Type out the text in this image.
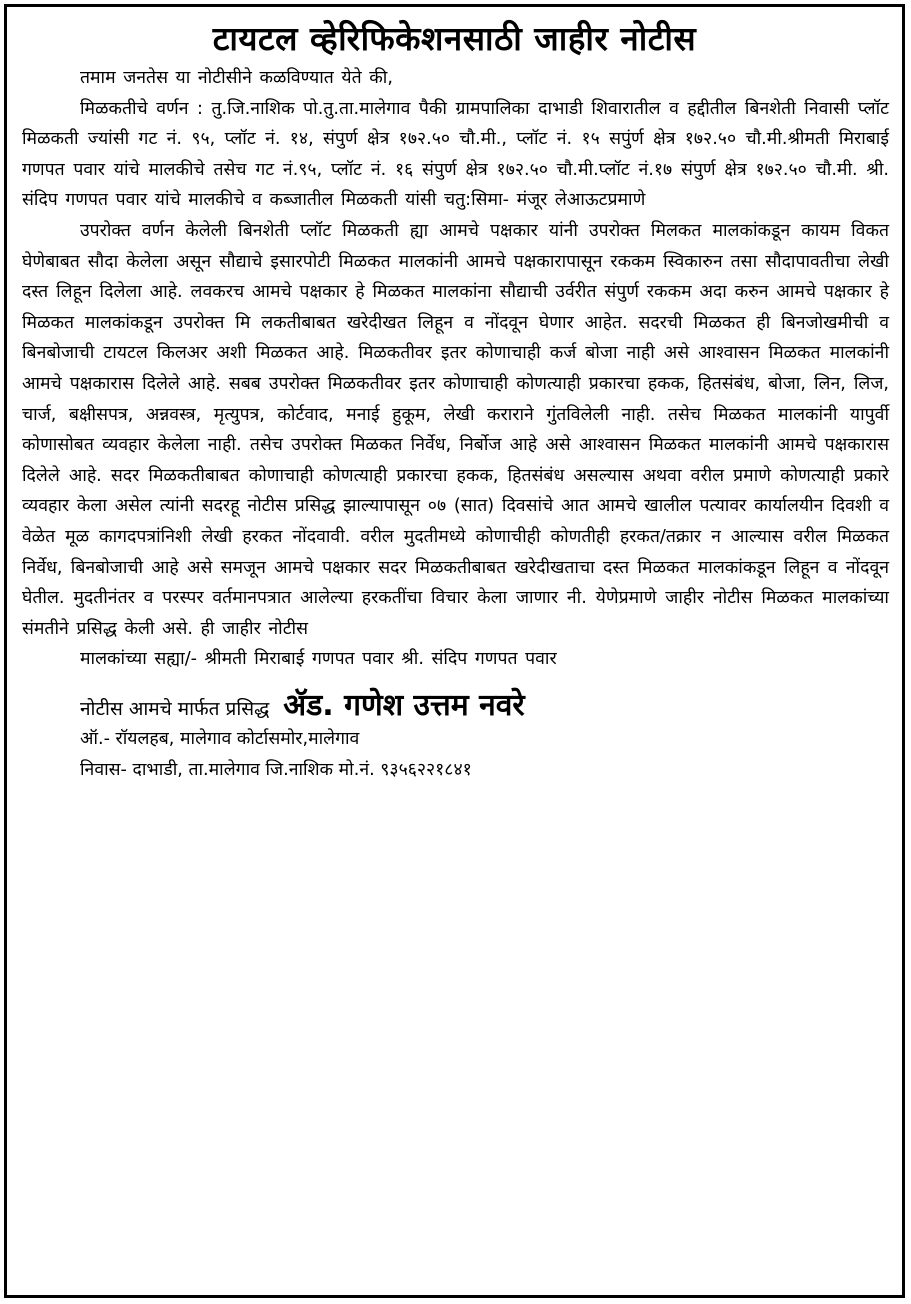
टायटल व्हेरिफिकेशनसाठी जाहीर नोटीस

तमाम जनतेस या नोटीसीने कळविण्यात येते की,

मिळकतीचे वर्णन : तु.जि.नाशिक पो.तु.ता.मालेगाव पैकी ग्रामपालिका दाभाडी शिवारातील व हद्दीतील बिनशेती निवासी प्लॉट मिळकती ज्यांसी गट नं. ९५, प्लॉट नं. १४, संपुर्ण क्षेत्र १७२.५० चौ.मी., प्लॉट नं. १५ सपुंर्ण क्षेत्र १७२.५० चौ.मी.श्रीमती मिराबाई गणपत पवार यांचे मालकीचे तसेच गट नं.९५, प्लॉट नं. १६ संपुर्ण क्षेत्र १७२.५० चौ.मी.प्लॉट नं.१७ संपुर्ण क्षेत्र १७२.५० चौ.मी. श्री. संदिप गणपत पवार यांचे मालकीचे व कब्जातील मिळकती यांसी चतु:सिमा- मंजूर लेआऊटप्रमाणे

उपरोक्त वर्णन केलेली बिनशेती प्लॉट मिळकती ह्या आमचे पक्षकार यांनी उपरोक्त मिलकत मालकांकडून कायम विकत घेणेबाबत सौदा केलेला असून सौद्याचे इसारपोटी मिळकत मालकांनी आमचे पक्षकारापासून रककम स्विकारुन तसा सौदापावतीचा लेखी दस्त लिहून दिलेला आहे. लवकरच आमचे पक्षकार हे मिळकत मालकांना सौद्याची उर्वरीत संपुर्ण रककम अदा करुन आमचे पक्षकार हे मिळकत मालकांकडून उपरोक्त मि लकतीबाबत खरेदीखत लिहून व नोंदवून घेणार आहेत. सदरची मिळकत ही बिनजोखमीची व बिनबोजाची टायटल किलअर अशी मिळकत आहे. मिळकतीवर इतर कोणाचाही कर्ज बोजा नाही असे आश्वासन मिळकत मालकांनी आमचे पक्षकारास दिलेले आहे. सबब उपरोक्त मिळकतीवर इतर कोणाचाही कोणत्याही प्रकारचा हकक, हितसंबंध, बोजा, लिन, लिज, चार्ज, बक्षीसपत्र, अन्नवस्त्र, मृत्युपत्र, कोर्टवाद, मनाई हुकूम, लेखी कराराने गुंतविलेली नाही. तसेच मिळकत मालकांनी यापुर्वी कोणासोबत व्यवहार केलेला नाही. तसेच उपरोक्त मिळकत निर्वेध, निर्बोज आहे असे आश्वासन मिळकत मालकांनी आमचे पक्षकारास दिलेले आहे. सदर मिळकतीबाबत कोणाचाही कोणत्याही प्रकारचा हकक, हितसंबंध असल्यास अथवा वरील प्रमाणे कोणत्याही प्रकारे व्यवहार केला असेल त्यांनी सदरहू नोटीस प्रसिद्ध झाल्यापासून ०७ (सात) दिवसांचे आत आमचे खालील पत्यावर कार्यालयीन दिवशी व वेळेत मूळ कागदपत्रांनिशी लेखी हरकत नोंदवावी. वरील मुदतीमध्ये कोणाचीही कोणतीही हरकत/तक्रार न आल्यास वरील मिळकत निर्वेध, बिनबोजाची आहे असे समजून आमचे पक्षकार सदर मिळकतीबाबत खरेदीखताचा दस्त मिळकत मालकांकडून लिहून व नोंदवून घेतील. मुदतीनंतर व परस्पर वर्तमानपत्रात आलेल्या हरकतींचा विचार केला जाणार नी. येणेप्रमाणे जाहीर नोटीस मिळकत मालकांच्या संमतीने प्रसिद्ध केली असे. ही जाहीर नोटीस

मालकांच्या सह्या/- श्रीमती मिराबाई गणपत पवार श्री. संदिप गणपत पवार

नोटीस आमचे मार्फत प्रसिद्ध ॲड. गणेश उत्तम नवरे
ऑ.- रॉयलहब, मालेगाव कोर्टासमोर,मालेगाव
निवास- दाभाडी, ता.मालेगाव जि.नाशिक मो.नं. ९३५६२२१८४१
